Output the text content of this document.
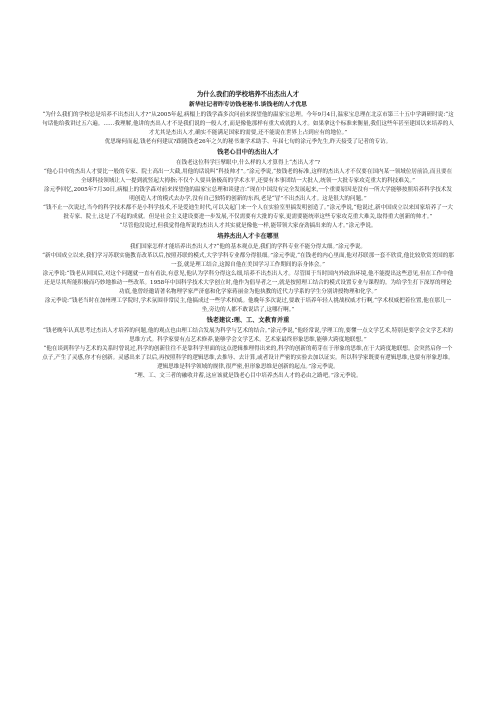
为什么我们的学校培养不出杰出人才
新华社记者昨专访钱老秘书.谈钱老的人才优思

“为什么我们的学校总是培养不出杰出人才?”从2005年起,病榻上的钱学森多次问前来探望他的温家宝总理。今年9月4日,温家宝总理在北京市第三十五中学调研时说:“这句话他给我讲过五六遍。……我理解,他讲的杰出人才不是我们说的一般人才,而是像他那样有重大成就的人才。如果拿这个标准来衡量,我们这些年甚至建国以来培养的人才尤其是杰出人才,确实不能满足国家的需要,还不能说在世界上占到应有的地位。”

优思缘何而起,钱老有何建议?跟随钱老26年之久的秘书兼学术助手、年届七旬的涂元季先生,昨天接受了记者的专访。

钱老心目中的杰出人才

在钱老这位科学巨擘眼中,什么样的人才算得上“杰出人才”?

“他心目中的杰出人才要比一般的专家、院士高出一大截,用他的话说叫“科技帅才”。”涂元季说,“按钱老的标准,这样的杰出人才不仅要在国内某一领域位居前沿,而且要在全球科技领域让人一提到就竖起大拇指;不仅个人要具备极高的学术水平,还要有本事团结一大批人,统领一大批专家攻克重大的科技难关。”

涂元季回忆,2005年7月30日,病榻上的钱学森对前来探望他的温家宝总理和谈建言:“现在中国没有完全发展起来,一个重要原因是没有一所大学能够按照培养科学技术发明创造人才的模式去办学,没有自己独特的创新的东西,老是“冒”不出杰出人才。这是很大的问题。”

“钱不止一次说过,当今的科学技术都不是小科学技术,不是爱迪生时代,可以关起门来一个人在实验室里搞发明创造了。”涂元季说,“他说过,新中国成立以来国家培养了一大批专家、院士,这是了不起的成就。但是社会主义建设要进一步发展,不仅需要有大批的专家,更需要能统率这些专家攻克重大难关,取得重大创新的帅才。”

“尽管他没说过,但我觉得他所说的杰出人才其实就是像他一样,能带领大家奋劲搞出来的人才。”涂元季说。

培养杰出人才卡在哪里

我们国家怎样才能培养出杰出人才?“他的基本观点是,我们的学科专业不能分得太细。”涂元季说。

“新中国成立以来,我们学习苏联实施教育改革以后,按照苏联的模式,大学学科专业都分得很细。”涂元季说,“在钱老的内心里面,他对苏联那一套不欣赏,他比较欣赏美国的那一套,就是理工结合,这源自他在美国学习工作期间的亲身体会。”

涂元季说:“钱老从回国后,对这个问题就一直有看法,有意见,他认为学科分得这么细,培养不出杰出人才。尽管围于当时国内外政治环境,他不能提出这些意见,但在工作中他还是尽其所能积极而巧妙地推动一些改革。1958年中国科学技术大学创立时,他作为倡导者之一,就是按照理工结合的模式设置专业与课程的。为给学生打下深厚的理论功底,他曾经邀请著名物理学家严济慈和化学家蒋丽金为他执教的近代力学系的学生分别讲授物理和化学。”

涂元季说:“钱老当时在加州理工学院时,学术氛围非常民主,他搞成过一些学术权威。他晚年多次说过,要敢于培养年轻人挑战权威才行啊,“学术权威把着位置,他在那儿一坐,旁边的人都不敢说话了,这哪行啊。”

钱老建议:理、工、文教育并重

“钱老晚年认真思考过杰出人才培养的问题,他的观点也由理工结合发展为科学与艺术的结合。”涂元季说,“他经常说,学理工的,要懂一点文学艺术,特别是要学会文学艺术的思维方式。科学家要有点艺术修养,能够学会文学艺术。艺术家最终形象思维,能够大跨度地联想。”

“他在谈到科学与艺术的关系时曾说过,科学的创新往往不是靠科学里面的这点逻辑推理得出来的,科学的创新的萌芽在于形象的思维,在于大跨度地联想。会突然启你一个点子,产生了灵感,你才有创新。灵感出来了以后,再按照科学的逻辑思维,去推导、去计算,或者设计严密的实验去加以证实。所以科学家既要有逻辑思维,也要有形象思维。逻辑思维是科学领域的规律,很严密,但形象思维是创新的起点。”涂元季说。

“理、工、文三者的融收并蓄,这应该就是钱老心目中培养杰出人才的必由之路吧。”涂元季说。
